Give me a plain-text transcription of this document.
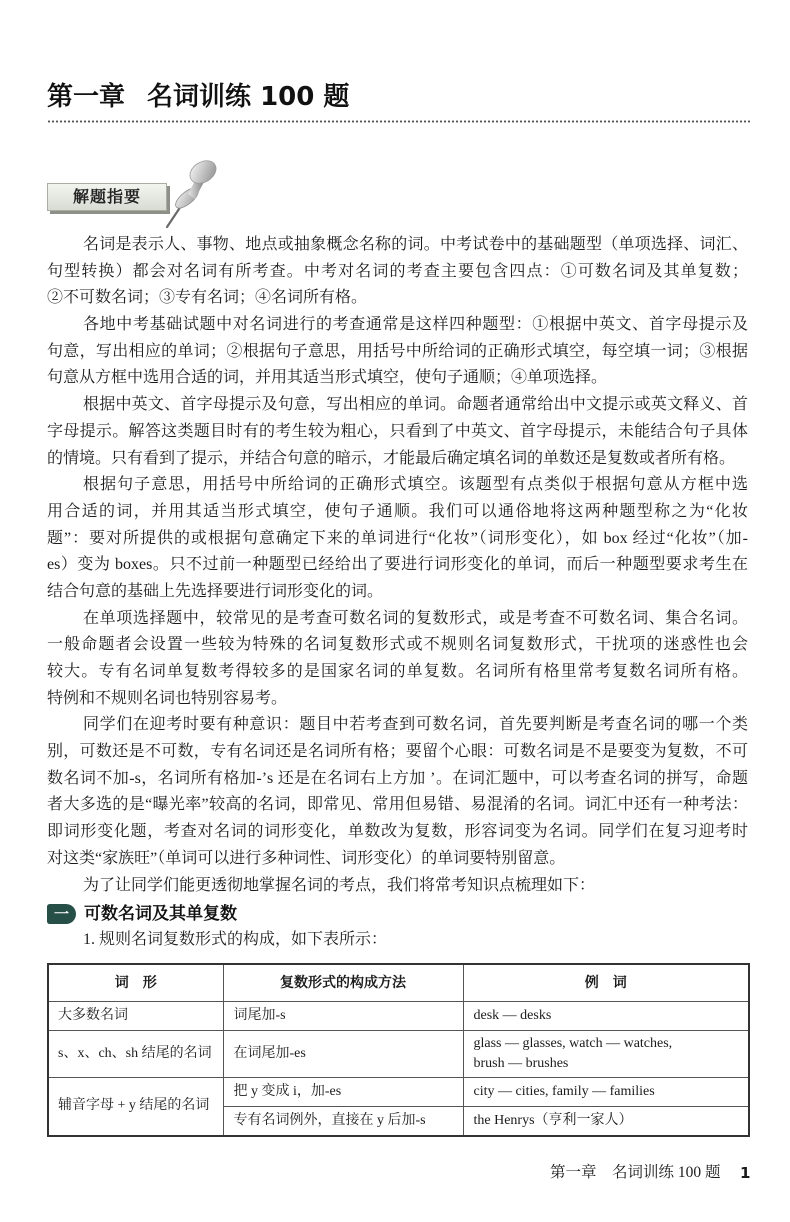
第一章 名词训练 100 题
解题指要
名词是表示人、事物、地点或抽象概念名称的词。中考试卷中的基础题型（单项选择、词汇、
句型转换）都会对名词有所考查。中考对名词的考查主要包含四点：①可数名词及其单复数；
②不可数名词；③专有名词；④名词所有格。
各地中考基础试题中对名词进行的考查通常是这样四种题型：①根据中英文、首字母提示及
句意，写出相应的单词；②根据句子意思，用括号中所给词的正确形式填空，每空填一词；③根据
句意从方框中选用合适的词，并用其适当形式填空，使句子通顺；④单项选择。
根据中英文、首字母提示及句意，写出相应的单词。命题者通常给出中文提示或英文释义、首
字母提示。解答这类题目时有的考生较为粗心，只看到了中英文、首字母提示，未能结合句子具体
的情境。只有看到了提示，并结合句意的暗示，才能最后确定填名词的单数还是复数或者所有格。
根据句子意思，用括号中所给词的正确形式填空。该题型有点类似于根据句意从方框中选
用合适的词，并用其适当形式填空，使句子通顺。我们可以通俗地将这两种题型称之为“化妆
题”：要对所提供的或根据句意确定下来的单词进行“化妆”（词形变化），如 box 经过“化妆”（加-
es）变为 boxes。只不过前一种题型已经给出了要进行词形变化的单词，而后一种题型要求考生在
结合句意的基础上先选择要进行词形变化的词。
在单项选择题中，较常见的是考查可数名词的复数形式，或是考查不可数名词、集合名词。
一般命题者会设置一些较为特殊的名词复数形式或不规则名词复数形式，干扰项的迷惑性也会
较大。专有名词单复数考得较多的是国家名词的单复数。名词所有格里常考复数名词所有格。
特例和不规则名词也特别容易考。
同学们在迎考时要有种意识：题目中若考查到可数名词，首先要判断是考查名词的哪一个类
别，可数还是不可数，专有名词还是名词所有格；要留个心眼：可数名词是不是要变为复数，不可
数名词不加-s，名词所有格加-’s 还是在名词右上方加 ’。在词汇题中，可以考查名词的拼写，命题
者大多选的是“曝光率”较高的名词，即常见、常用但易错、易混淆的名词。词汇中还有一种考法：
即词形变化题，考查对名词的词形变化，单数改为复数，形容词变为名词。同学们在复习迎考时
对这类“家族旺”（单词可以进行多种词性、词形变化）的单词要特别留意。
为了让同学们能更透彻地掌握名词的考点，我们将常考知识点梳理如下：
一 可数名词及其单复数
1. 规则名词复数形式的构成，如下表所示：
词　形	复数形式的构成方法	例　词
大多数名词	词尾加-s	desk — desks
s、x、ch、sh 结尾的名词	在词尾加-es	glass — glasses, watch — watches,
brush — brushes

辅音字母 + y 结尾的名词	把 y 变成 i，加-es	city — cities, family — families
	专有名词例外，直接在 y 后加-s	the Henrys（亨利一家人）
第一章　名词训练 100 题 1
